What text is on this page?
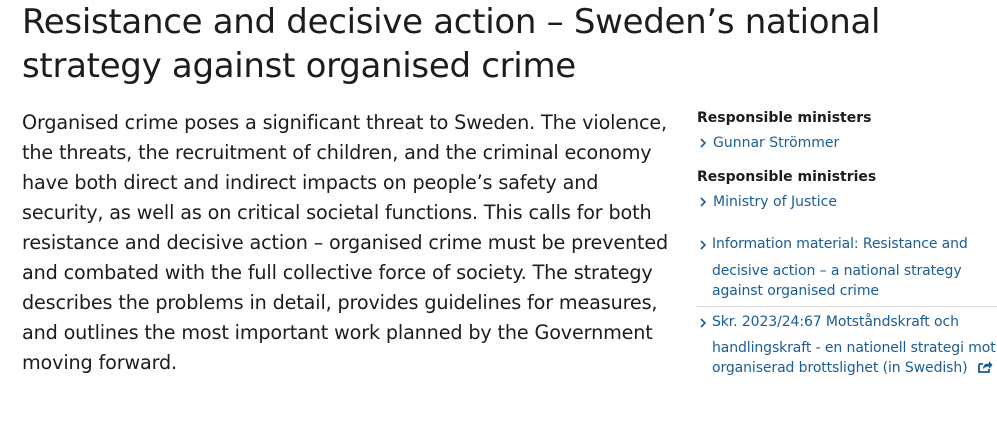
Resistance and decisive action – Sweden’s national
strategy against organised crime

Organised crime poses a significant threat to Sweden. The violence, the threats, the recruitment of children, and the criminal economy have both direct and indirect impacts on people’s safety and security, as well as on critical societal functions. This calls for both resistance and decisive action – organised crime must be prevented and combated with the full collective force of society. The strategy describes the problems in detail, provides guidelines for measures, and outlines the most important work planned by the Government moving forward.

Responsible ministers
Gunnar Strömmer
Responsible ministries
Ministry of Justice
Information material: Resistance and
decisive action – a national strategy
against organised crime
Skr. 2023/24:67 Motståndskraft och
handlingskraft - en nationell strategi mot
organiserad brottslighet (in Swedish)
